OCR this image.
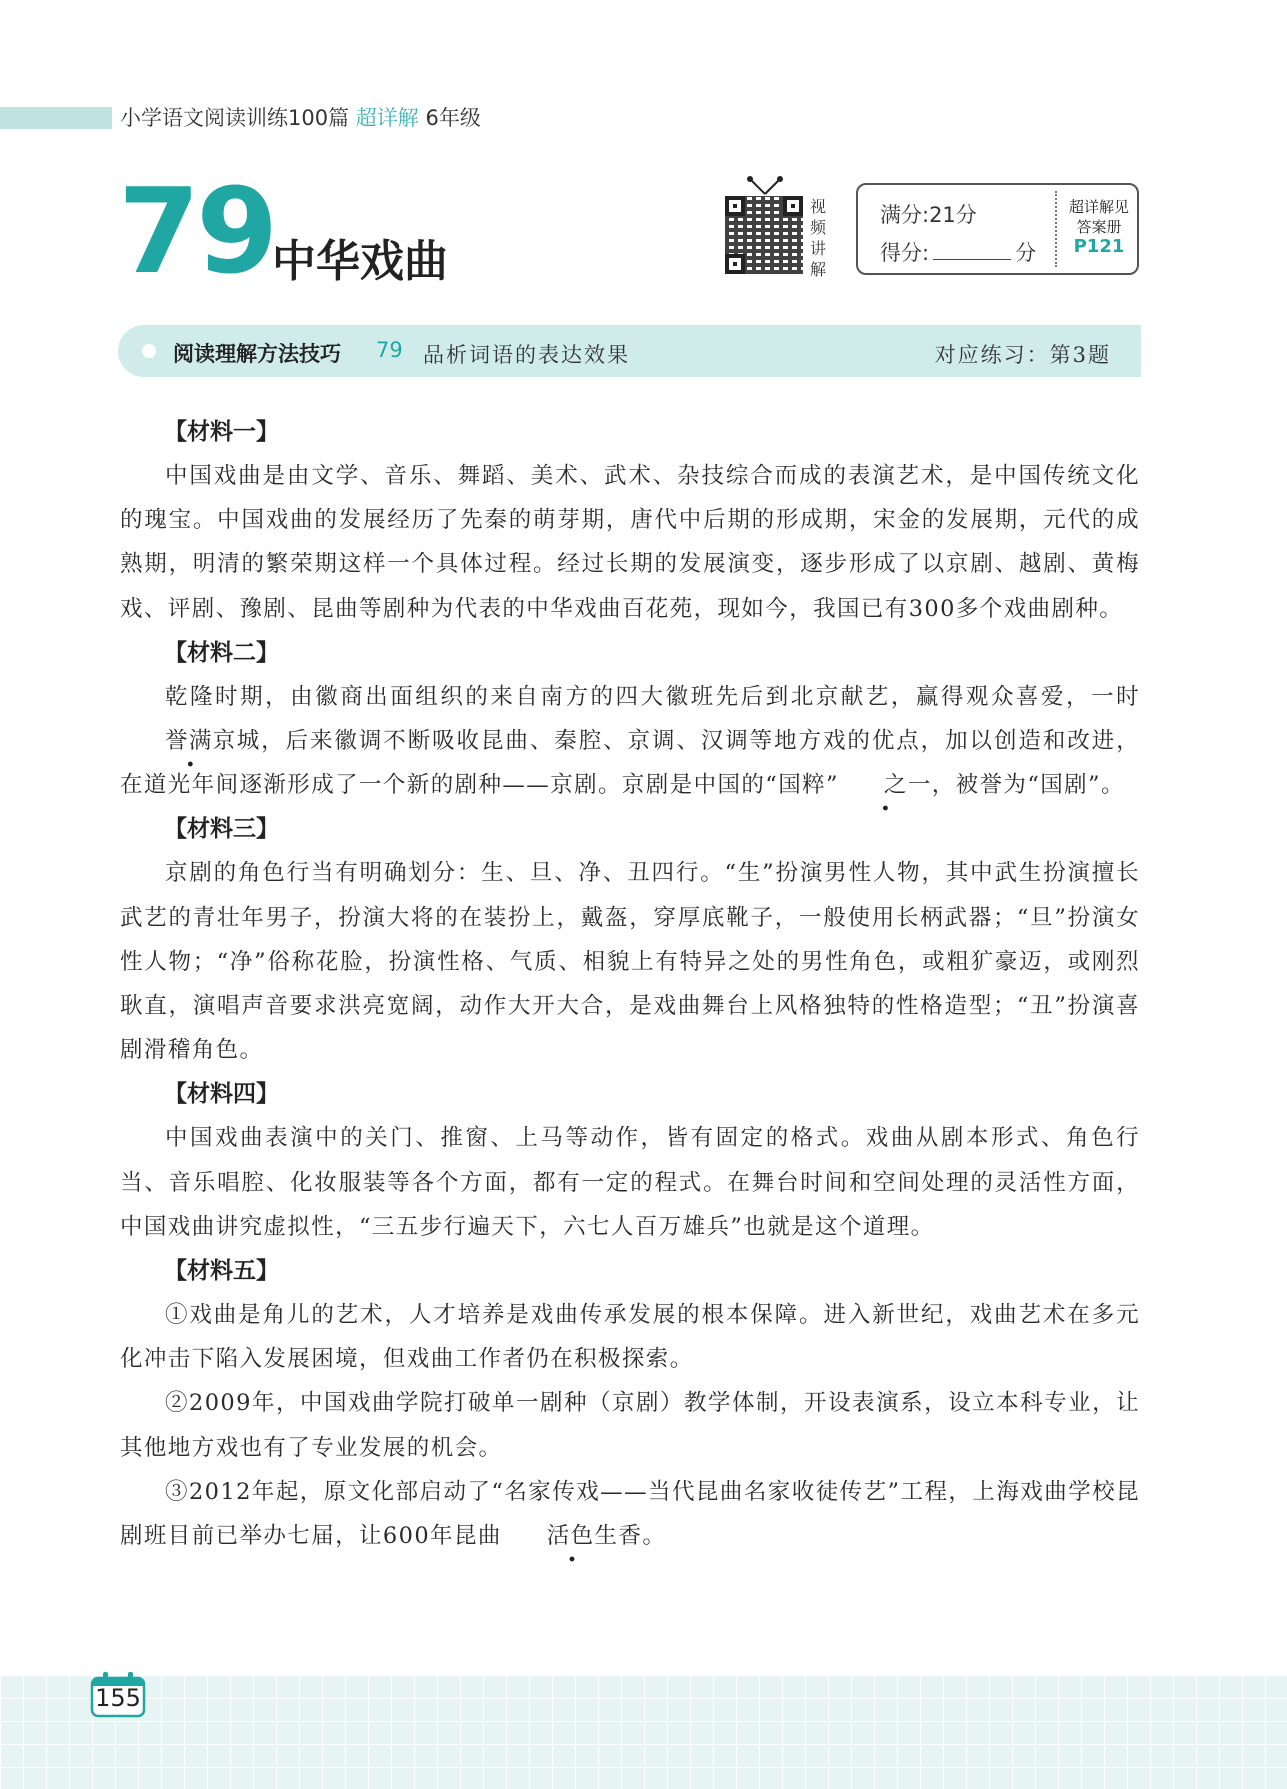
小学语文阅读训练100篇 超详解 6年级
79
中华戏曲
视
频
讲
解
满分:21分
得分:	分
超详解见
答案册
P121
阅读理解方法技巧 79 品析词语的表达效果	对应练习：第3题
【材料一】

中国戏曲是由文学、音乐、舞蹈、美术、武术、杂技综合而成的表演艺术，是中国传统文化的瑰宝。中国戏曲的发展经历了先秦的萌芽期，唐代中后期的形成期，宋金的发展期，元代的成熟期，明清的繁荣期这样一个具体过程。经过长期的发展演变，逐步形成了以京剧、越剧、黄梅戏、评剧、豫剧、昆曲等剧种为代表的中华戏曲百花苑，现如今，我国已有300多个戏曲剧种。

【材料二】

乾隆时期，由徽商出面组织的来自南方的四大徽班先后到北京献艺，赢得观众喜爱，一时誉满京城，后来徽调不断吸收昆曲、秦腔、京调、汉调等地方戏的优点，加以创造和改进，在道光年间逐渐形成了一个新的剧种——京剧。京剧是中国的“国粹” 之一，被誉为“国剧”。

【材料三】

京剧的角色行当有明确划分：生、旦、净、丑四行。“生”扮演男性人物，其中武生扮演擅长武艺的青壮年男子，扮演大将的在装扮上，戴盔，穿厚底靴子，一般使用长柄武器；“旦”扮演女性人物；“净”俗称花脸，扮演性格、气质、相貌上有特异之处的男性角色，或粗犷豪迈，或刚烈耿直，演唱声音要求洪亮宽阔，动作大开大合，是戏曲舞台上风格独特的性格造型；“丑”扮演喜剧滑稽角色。

【材料四】

中国戏曲表演中的关门、推窗、上马等动作，皆有固定的格式。戏曲从剧本形式、角色行当、音乐唱腔、化妆服装等各个方面，都有一定的程式。在舞台时间和空间处理的灵活性方面，中国戏曲讲究虚拟性，“三五步行遍天下，六七人百万雄兵”也就是这个道理。

【材料五】

①戏曲是角儿的艺术，人才培养是戏曲传承发展的根本保障。进入新世纪，戏曲艺术在多元化冲击下陷入发展困境，但戏曲工作者仍在积极探索。

②2009年，中国戏曲学院打破单一剧种（京剧）教学体制，开设表演系，设立本科专业，让其他地方戏也有了专业发展的机会。

③2012年起，原文化部启动了“名家传戏——当代昆曲名家收徒传艺”工程，上海戏曲学校昆剧班目前已举办七届，让600年昆曲 活色生香。

155
